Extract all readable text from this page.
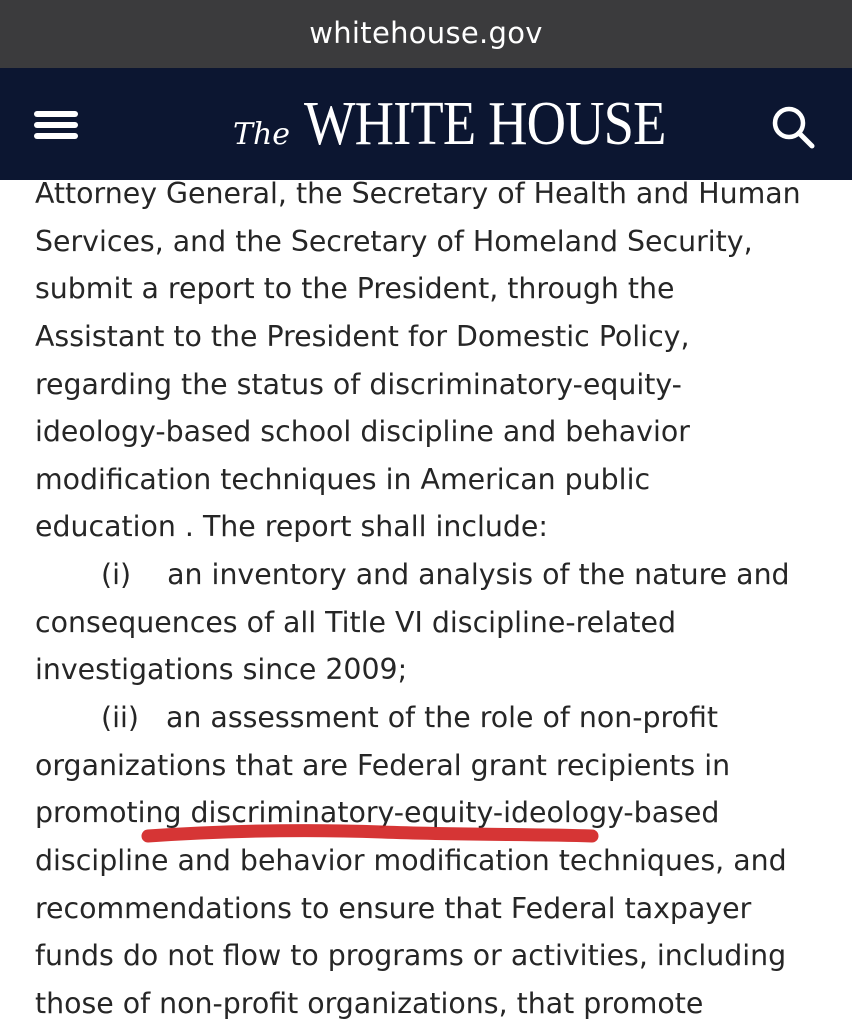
whitehouse.gov
The WHITE HOUSE
Attorney General, the Secretary of Health and Human
Services, and the Secretary of Homeland Security,
submit a report to the President, through the
Assistant to the President for Domestic Policy,
regarding the status of discriminatory-equity-
ideology-based school discipline and behavior
modification techniques in American public
education . The report shall include:
(i)    an inventory and analysis of the nature and
consequences of all Title VI discipline-related
investigations since 2009;
(ii)   an assessment of the role of non-profit
organizations that are Federal grant recipients in
promoting discriminatory-equity-ideology-based
discipline and behavior modification techniques, and
recommendations to ensure that Federal taxpayer
funds do not flow to programs or activities, including
those of non-profit organizations, that promote
